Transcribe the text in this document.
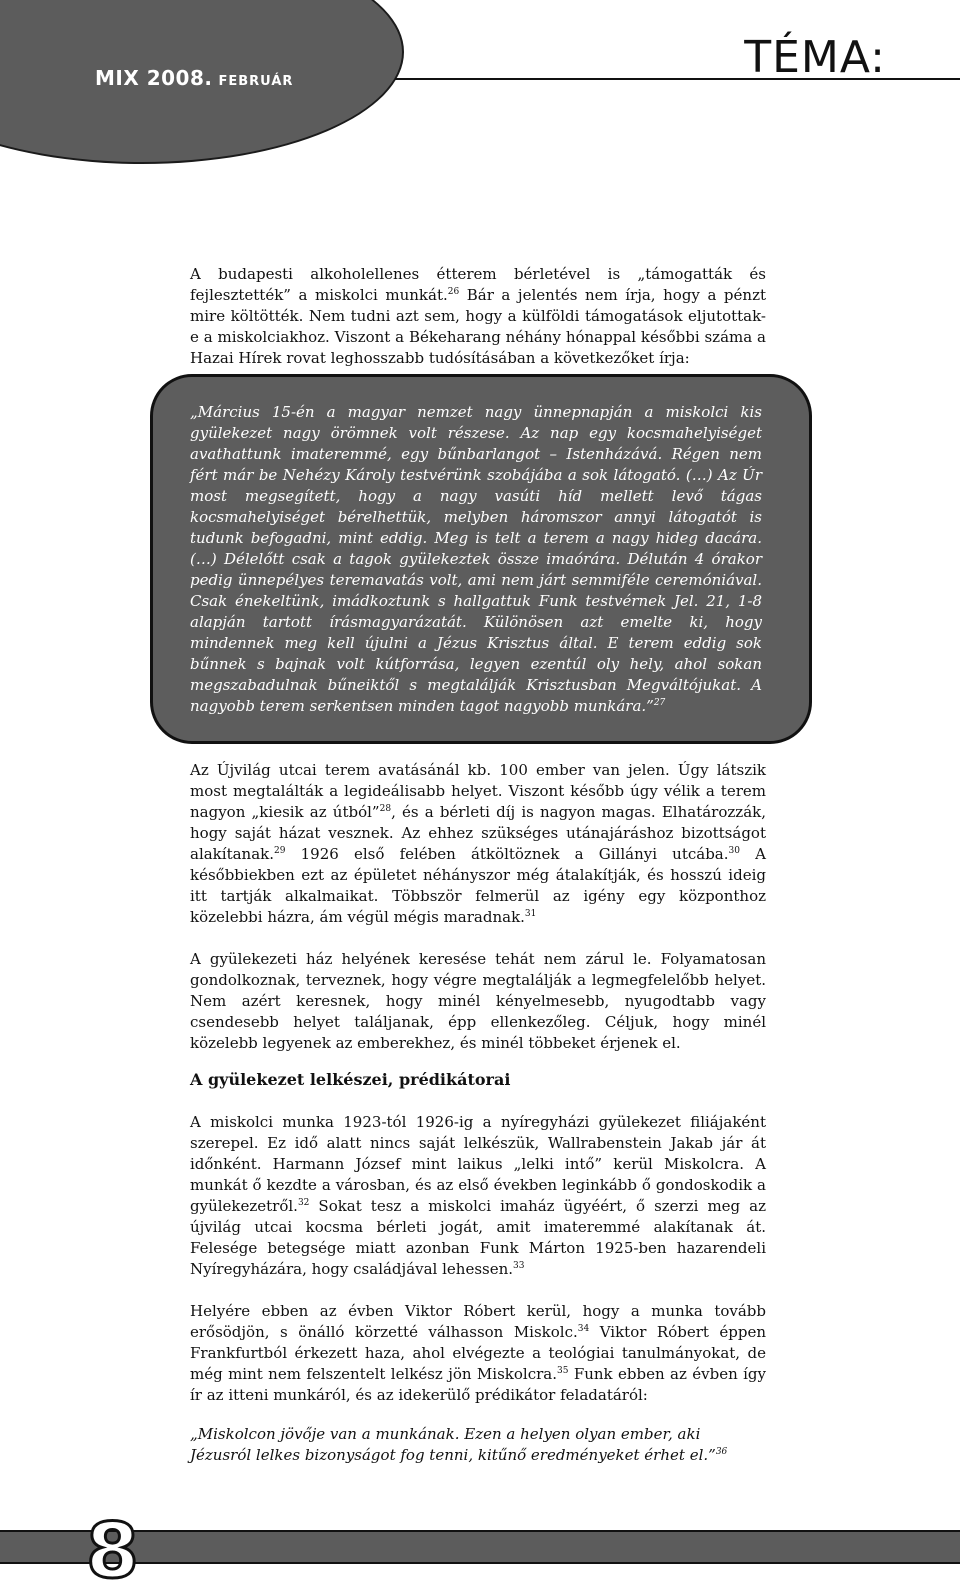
MIX 2008. FEBRUÁR	TÉMA:

A budapesti alkoholellenes étterem bérletével is „támogatták és fejlesztették” a miskolci munkát.$^{26}$ Bár a jelentés nem írja, hogy a pénzt mire költötték. Nem tudni azt sem, hogy a külföldi támogatások eljutottak-e a miskolciakhoz. Viszont a Békeharang néhány hónappal későbbi száma a Hazai Hírek rovat leghosszabb tudósításában a következőket írja:

„Március 15-én a magyar nemzet nagy ünnepnapján a miskolci kis gyülekezet nagy örömnek volt részese. Az nap egy kocsmahelyiséget avathattunk imateremmé, egy bűnbarlangot – Istenházává. Régen nem fért már be Nehézy Károly testvérünk szobájába a sok látogató. (…) Az Úr most megsegített, hogy a nagy vasúti híd mellett levő tágas kocsmahelyiséget bérelhettük, melyben háromszor annyi látogatót is tudunk befogadni, mint eddig. Meg is telt a terem a nagy hideg dacára. (…) Délelőtt csak a tagok gyülekeztek össze imaórára. Délután 4 órakor pedig ünnepélyes teremavatás volt, ami nem járt semmiféle ceremóniával. Csak énekeltünk, imádkoztunk s hallgattuk Funk testvérnek Jel. 21, 1-8 alapján tartott írásmagyarázatát. Különösen azt emelte ki, hogy mindennek meg kell újulni a Jézus Krisztus által. E terem eddig sok bűnnek s bajnak volt kútforrása, legyen ezentúl oly hely, ahol sokan megszabadulnak bűneiktől s megtalálják Krisztusban Megváltójukat. A nagyobb terem serkentsen minden tagot nagyobb munkára.”$^{27}$

Az Újvilág utcai terem avatásánál kb. 100 ember van jelen. Úgy látszik most megtalálták a legideálisabb helyet. Viszont később úgy vélik a terem nagyon „kiesik az útból”$^{28}$, és a bérleti díj is nagyon magas. Elhatározzák, hogy saját házat vesznek. Az ehhez szükséges utánajáráshoz bizottságot alakítanak.$^{29}$ 1926 első felében átköltöznek a Gillányi utcába.$^{30}$ A későbbiekben ezt az épületet néhányszor még átalakítják, és hosszú ideig itt tartják alkalmaikat. Többször felmerül az igény egy központhoz közelebbi házra, ám végül mégis maradnak.$^{31}$

A gyülekezeti ház helyének keresése tehát nem zárul le. Folyamatosan gondolkoznak, terveznek, hogy végre megtalálják a legmegfelelőbb helyet. Nem azért keresnek, hogy minél kényelmesebb, nyugodtabb vagy csendesebb helyet találjanak, épp ellenkezőleg. Céljuk, hogy minél közelebb legyenek az emberekhez, és minél többeket érjenek el.

A gyülekezet lelkészei, prédikátorai

A miskolci munka 1923-tól 1926-ig a nyíregyházi gyülekezet filiájaként szerepel. Ez idő alatt nincs saját lelkészük, Wallrabenstein Jakab jár át időnként. Harmann József mint laikus „lelki intő” kerül Miskolcra. A munkát ő kezdte a városban, és az első években leginkább ő gondoskodik a gyülekezetről.$^{32}$ Sokat tesz a miskolci imaház ügyéért, ő szerzi meg az újvilág utcai kocsma bérleti jogát, amit imateremmé alakítanak át. Felesége betegsége miatt azonban Funk Márton 1925-ben hazarendeli Nyíregyházára, hogy családjával lehessen.$^{33}$

Helyére ebben az évben Viktor Róbert kerül, hogy a munka tovább erősödjön, s önálló körzetté válhasson Miskolc.$^{34}$ Viktor Róbert éppen Frankfurtból érkezett haza, ahol elvégezte a teológiai tanulmányokat, de még mint nem felszentelt lelkész jön Miskolcra.$^{35}$ Funk ebben az évben így ír az itteni munkáról, és az idekerülő prédikátor feladatáról:

„Miskolcon jövője van a munkának. Ezen a helyen olyan ember, aki Jézusról lelkes bizonyságot fog tenni, kitűnő eredményeket érhet el.”$^{36}$
8
